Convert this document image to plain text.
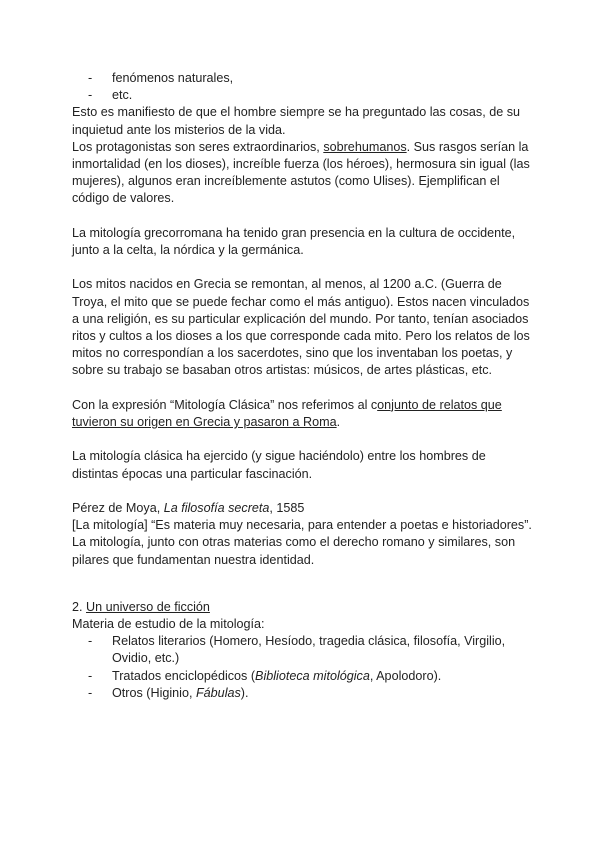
- fenómenos naturales,
- etc.

Esto es manifiesto de que el hombre siempre se ha preguntado las cosas, de su inquietud ante los misterios de la vida.

Los protagonistas son seres extraordinarios, sobrehumanos. Sus rasgos serían la inmortalidad (en los dioses), increíble fuerza (los héroes), hermosura sin igual (las mujeres), algunos eran increíblemente astutos (como Ulises). Ejemplifican el código de valores.

La mitología grecorromana ha tenido gran presencia en la cultura de occidente, junto a la celta, la nórdica y la germánica.

Los mitos nacidos en Grecia se remontan, al menos, al 1200 a.C. (Guerra de Troya, el mito que se puede fechar como el más antiguo). Estos nacen vinculados a una religión, es su particular explicación del mundo. Por tanto, tenían asociados ritos y cultos a los dioses a los que corresponde cada mito. Pero los relatos de los mitos no correspondían a los sacerdotes, sino que los inventaban los poetas, y sobre su trabajo se basaban otros artistas: músicos, de artes plásticas, etc.

Con la expresión “Mitología Clásica” nos referimos al conjunto de relatos que tuvieron su origen en Grecia y pasaron a Roma.

La mitología clásica ha ejercido (y sigue haciéndolo) entre los hombres de distintas épocas una particular fascinación.

Pérez de Moya, La filosofía secreta, 1585

[La mitología] “Es materia muy necesaria, para entender a poetas e historiadores”.

La mitología, junto con otras materias como el derecho romano y similares, son pilares que fundamentan nuestra identidad.

2. Un universo de ficción

Materia de estudio de la mitología:

- Relatos literarios (Homero, Hesíodo, tragedia clásica, filosofía, Virgilio, Ovidio, etc.)
- Tratados enciclopédicos (Biblioteca mitológica, Apolodoro).
- Otros (Higinio, Fábulas).
